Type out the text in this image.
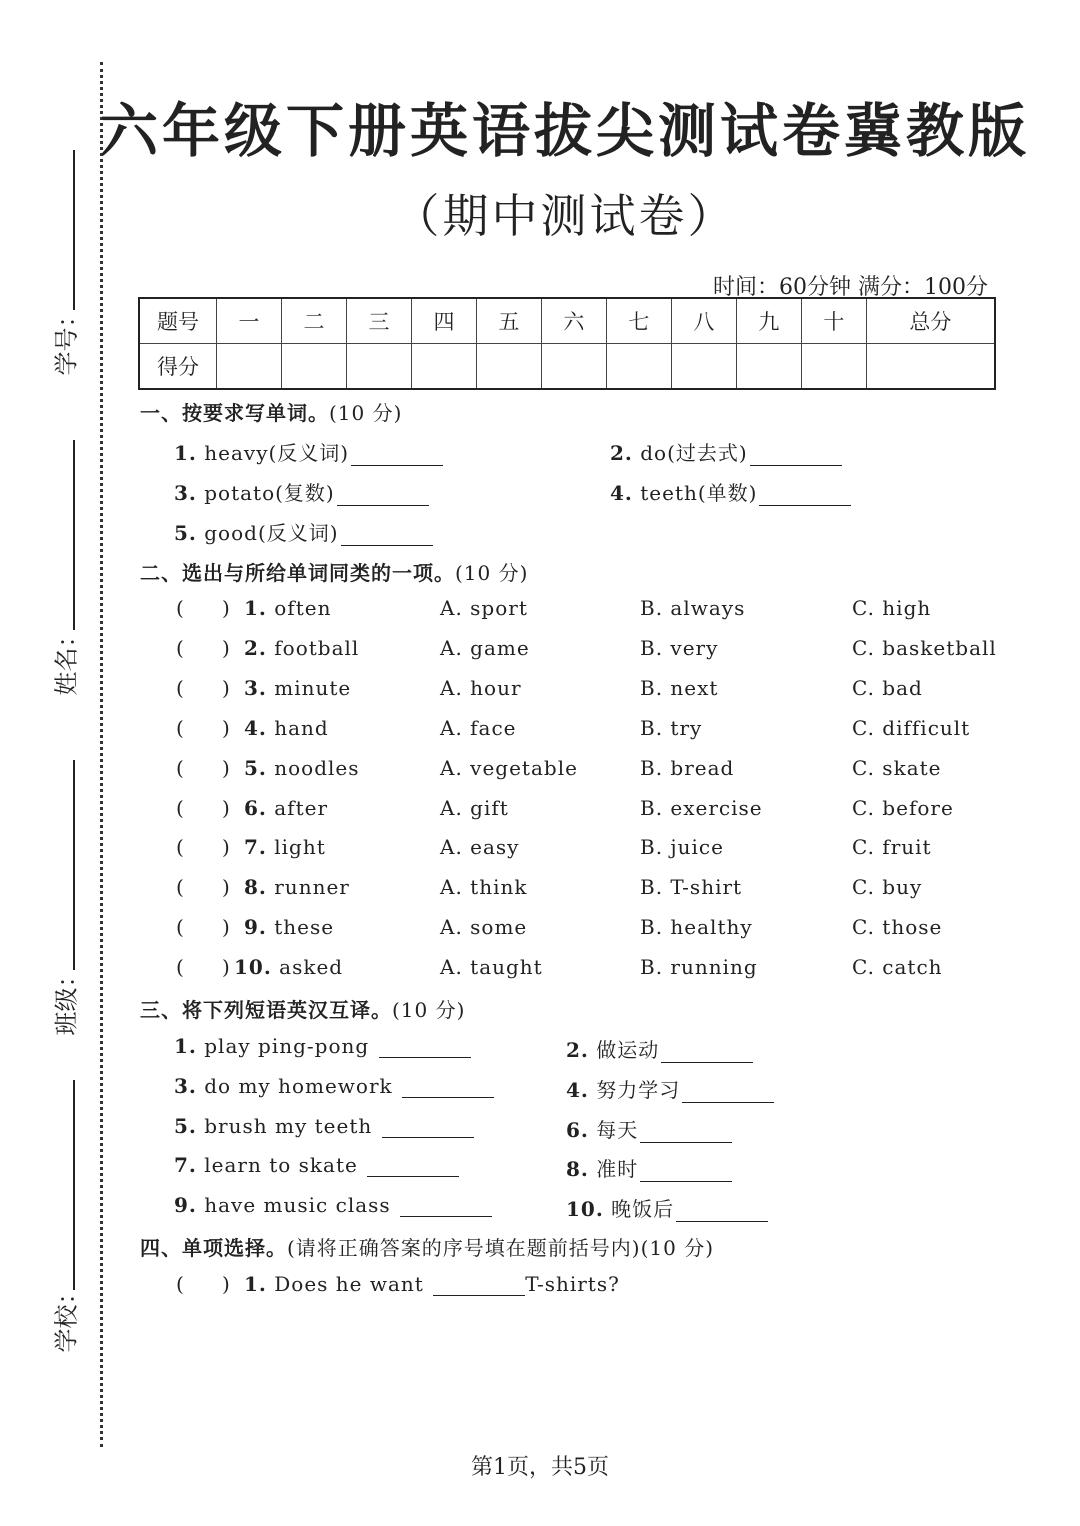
学号：
姓名：
班级：
学校：
六年级下册英语拔尖测试卷冀教版
（期中测试卷）
时间：60分钟 满分：100分
题号	一	二	三	四	五	六	七	八	九	十	总分
得分											
一、按要求写单词。(10 分)
1. heavy(反义词)	2. do(过去式)
3. potato(复数)	4. teeth(单数)
5. good(反义词)
二、选出与所给单词同类的一项。(10 分)
(      ) 1. often	A. sport	B. always	C. high
(      ) 2. football	A. game	B. very	C. basketball
(      ) 3. minute	A. hour	B. next	C. bad
(      ) 4. hand	A. face	B. try	C. difficult
(      ) 5. noodles	A. vegetable	B. bread	C. skate
(      ) 6. after	A. gift	B. exercise	C. before
(      ) 7. light	A. easy	B. juice	C. fruit
(      ) 8. runner	A. think	B. T-shirt	C. buy
(      ) 9. these	A. some	B. healthy	C. those
(      ) 10. asked	A. taught	B. running	C. catch
三、将下列短语英汉互译。(10 分)
1. play ping-pong	2. 做运动
3. do my homework	4. 努力学习
5. brush my teeth	6. 每天
7. learn to skate	8. 准时
9. have music class	10. 晚饭后
四、单项选择。(请将正确答案的序号填在题前括号内)(10 分)
(      ) 1. Does he want	T-shirts?
第1页，共5页
